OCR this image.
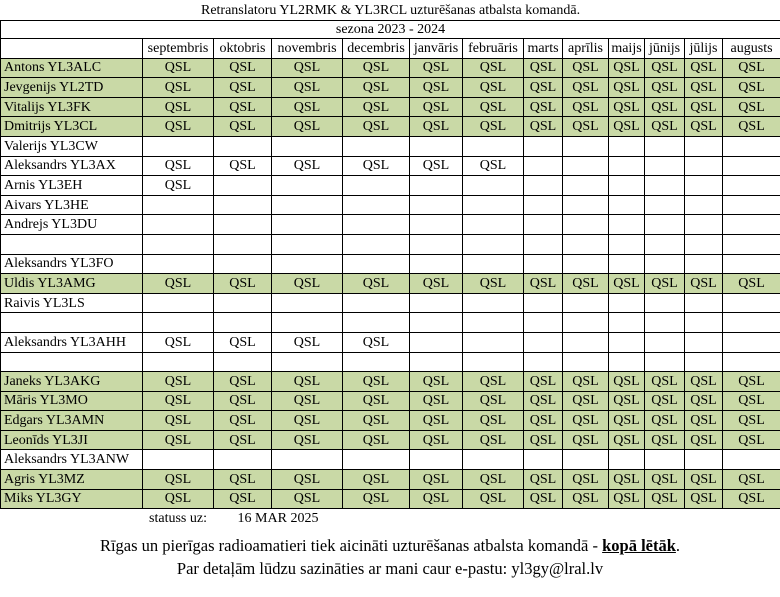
Retranslatoru YL2RMK & YL3RCL uzturēšanas atbalsta komandā.												
sezona 2023 - 2024												
	septembris	oktobris	novembris	decembris	janvāris	februāris	marts	aprīlis	maijs	jūnijs	jūlijs	augusts
Antons YL3ALC	QSL	QSL	QSL	QSL	QSL	QSL	QSL	QSL	QSL	QSL	QSL	QSL
Jevgenijs YL2TD	QSL	QSL	QSL	QSL	QSL	QSL	QSL	QSL	QSL	QSL	QSL	QSL
Vitalijs YL3FK	QSL	QSL	QSL	QSL	QSL	QSL	QSL	QSL	QSL	QSL	QSL	QSL
Dmitrijs YL3CL	QSL	QSL	QSL	QSL	QSL	QSL	QSL	QSL	QSL	QSL	QSL	QSL
Valerijs YL3CW												
Aleksandrs YL3AX	QSL	QSL	QSL	QSL	QSL	QSL						
Arnis YL3EH	QSL											
Aivars YL3HE												
Andrejs YL3DU												

Aleksandrs YL3FO												
Uldis YL3AMG	QSL	QSL	QSL	QSL	QSL	QSL	QSL	QSL	QSL	QSL	QSL	QSL
Raivis YL3LS												

Aleksandrs YL3AHH	QSL	QSL	QSL	QSL								

Janeks YL3AKG	QSL	QSL	QSL	QSL	QSL	QSL	QSL	QSL	QSL	QSL	QSL	QSL
Māris YL3MO	QSL	QSL	QSL	QSL	QSL	QSL	QSL	QSL	QSL	QSL	QSL	QSL
Edgars YL3AMN	QSL	QSL	QSL	QSL	QSL	QSL	QSL	QSL	QSL	QSL	QSL	QSL
Leonīds YL3JI	QSL	QSL	QSL	QSL	QSL	QSL	QSL	QSL	QSL	QSL	QSL	QSL
Aleksandrs YL3ANW												
Agris YL3MZ	QSL	QSL	QSL	QSL	QSL	QSL	QSL	QSL	QSL	QSL	QSL	QSL
Miks YL3GY	QSL	QSL	QSL	QSL	QSL	QSL	QSL	QSL	QSL	QSL	QSL	QSL
	statuss uz:	16 MAR 2025										
Rīgas un pierīgas radioamatieri tiek aicināti uzturēšanas atbalsta komandā - kopā lētāk.
Par detaļām lūdzu sazināties ar mani caur e-pastu: yl3gy@lral.lv
